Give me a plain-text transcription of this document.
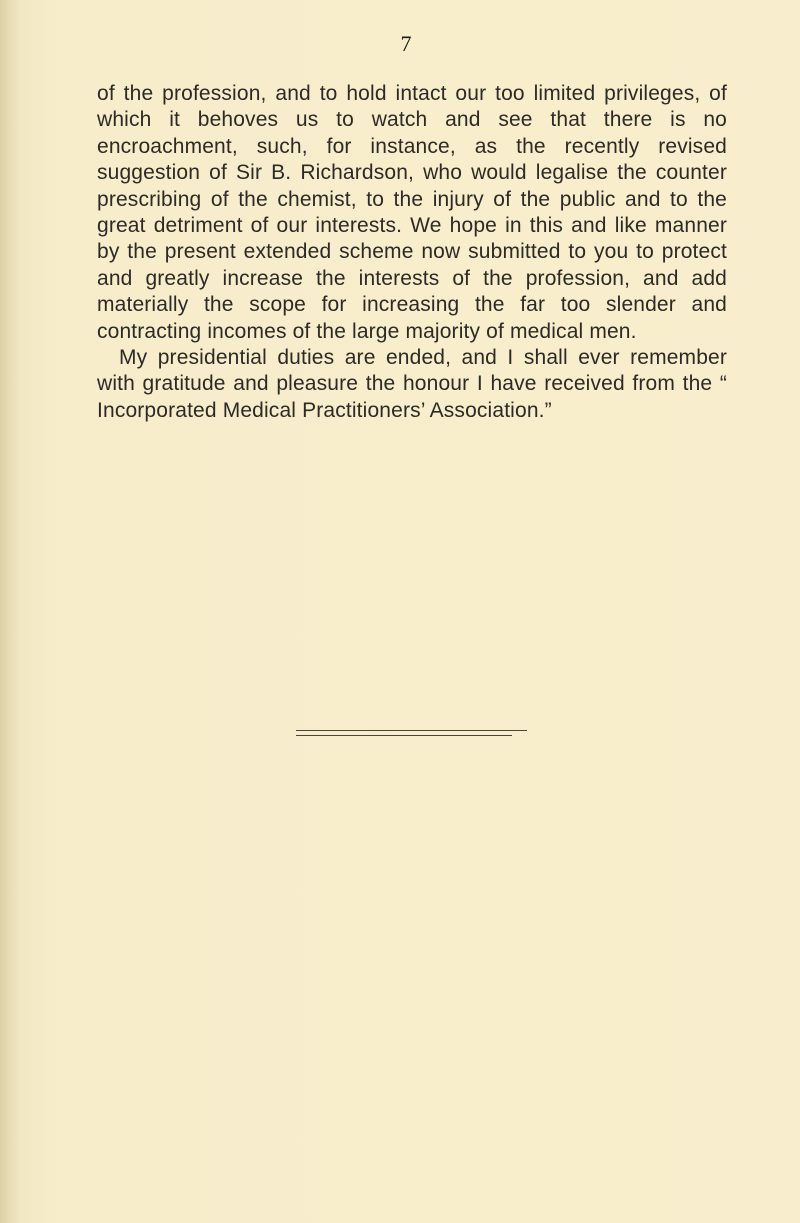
7

of the profession, and to hold intact our too limited privileges, of which it behoves us to watch and see that there is no encroachment, such, for instance, as the recently revised suggestion of Sir B. Richardson, who would legalise the counter prescribing of the chemist, to the injury of the public and to the great detriment of our interests. We hope in this and like manner by the present extended scheme now submitted to you to protect and greatly increase the interests of the profession, and add materially the scope for increasing the far too slender and contracting incomes of the large majority of medical men.

My presidential duties are ended, and I shall ever remember with gratitude and pleasure the honour I have received from the “ Incorporated Medical Practitioners’ Association.”
